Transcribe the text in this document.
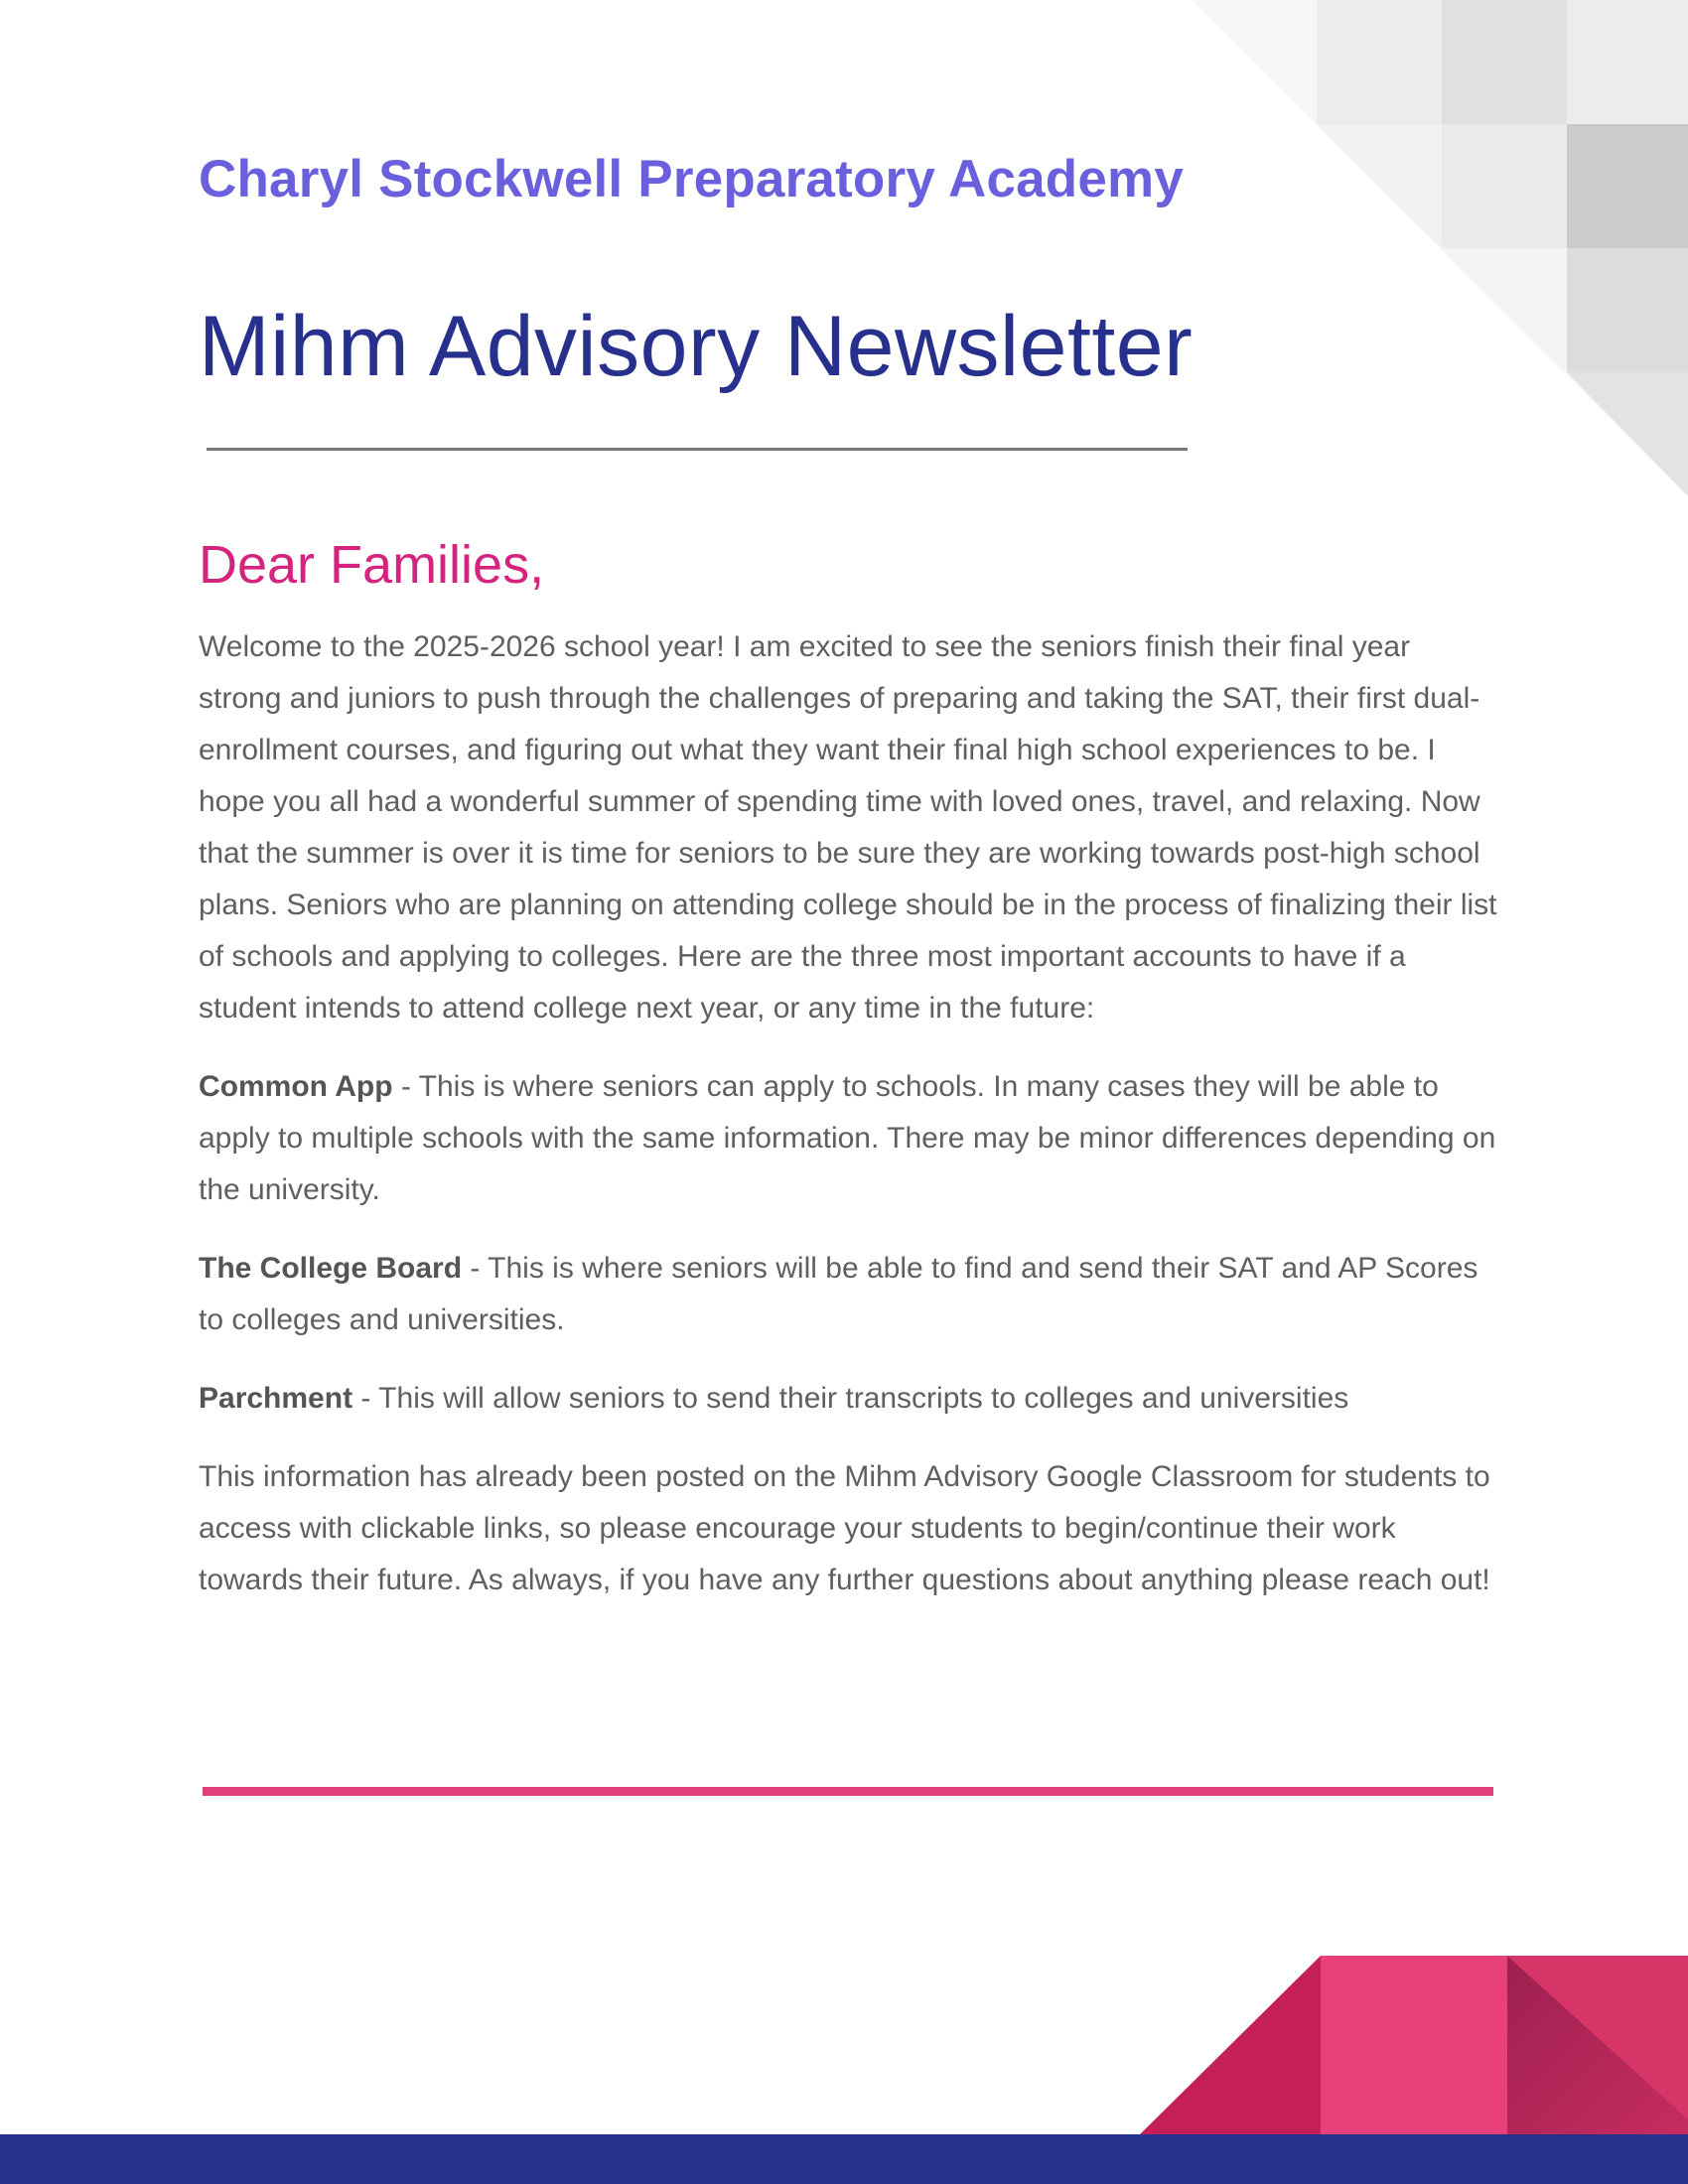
Charyl Stockwell Preparatory Academy
Mihm Advisory Newsletter
Dear Families,

Welcome to the 2025-2026 school year! I am excited to see the seniors finish their final year strong and juniors to push through the challenges of preparing and taking the SAT, their first dual-enrollment courses, and figuring out what they want their final high school experiences to be. I hope you all had a wonderful summer of spending time with loved ones, travel, and relaxing. Now that the summer is over it is time for seniors to be sure they are working towards post-high school plans. Seniors who are planning on attending college should be in the process of finalizing their list of schools and applying to colleges. Here are the three most important accounts to have if a student intends to attend college next year, or any time in the future:

Common App - This is where seniors can apply to schools. In many cases they will be able to apply to multiple schools with the same information. There may be minor differences depending on the university.

The College Board - This is where seniors will be able to find and send their SAT and AP Scores to colleges and universities.

Parchment - This will allow seniors to send their transcripts to colleges and universities

This information has already been posted on the Mihm Advisory Google Classroom for students to access with clickable links, so please encourage your students to begin/continue their work towards their future. As always, if you have any further questions about anything please reach out!
